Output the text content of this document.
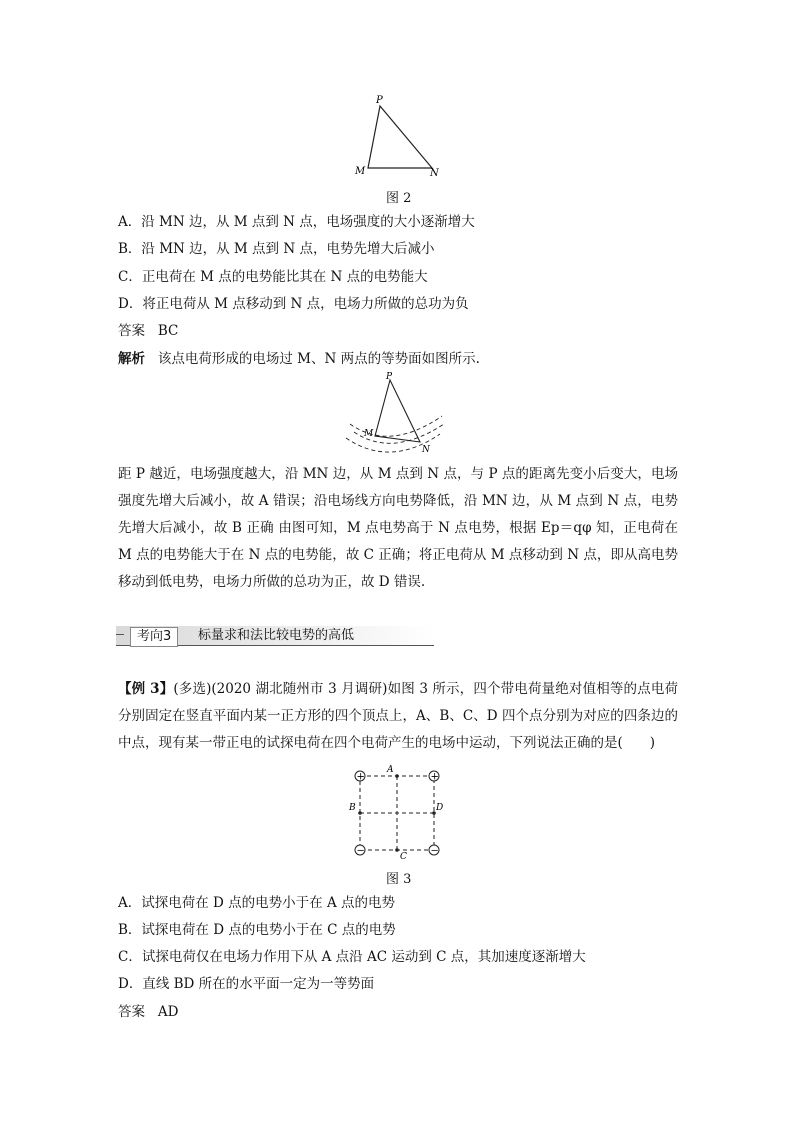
P
M	N
图 2
A．沿 MN 边，从 M 点到 N 点，电场强度的大小逐渐增大
B．沿 MN 边，从 M 点到 N 点，电势先增大后减小
C．正电荷在 M 点的电势能比其在 N 点的电势能大
D．将正电荷从 M 点移动到 N 点，电场力所做的总功为负
答案 BC
解析 该点电荷形成的电场过 M、N 两点的等势面如图所示.
P
M
N
距 P 越近，电场强度越大，沿 MN 边，从 M 点到 N 点，与 P 点的距离先变小后变大，电场强度先增大后减小，故 A 错误；沿电场线方向电势降低，沿 MN 边，从 M 点到 N 点，电势先增大后减小，故 B 正确 由图可知，M 点电势高于 N 点电势，根据 Ep＝qφ 知，正电荷在 M 点的电势能大于在 N 点的电势能，故 C 正确；将正电荷从 M 点移动到 N 点，即从高电势移动到低电势，电场力所做的总功为正，故 D 错误.
考向3	标量求和法比较电势的高低
【例 3】(多选)(2020 湖北随州市 3 月调研)如图 3 所示，四个带电荷量绝对值相等的点电荷分别固定在竖直平面内某一正方形的四个顶点上，A、B、C、D 四个点分别为对应的四条边的中点，现有某一带正电的试探电荷在四个电荷产生的电场中运动，下列说法正确的是(　　)
+	+
−	−
A
B
C
D
图 3
A．试探电荷在 D 点的电势小于在 A 点的电势
B．试探电荷在 D 点的电势小于在 C 点的电势
C．试探电荷仅在电场力作用下从 A 点沿 AC 运动到 C 点，其加速度逐渐增大
D．直线 BD 所在的水平面一定为一等势面
答案 AD
